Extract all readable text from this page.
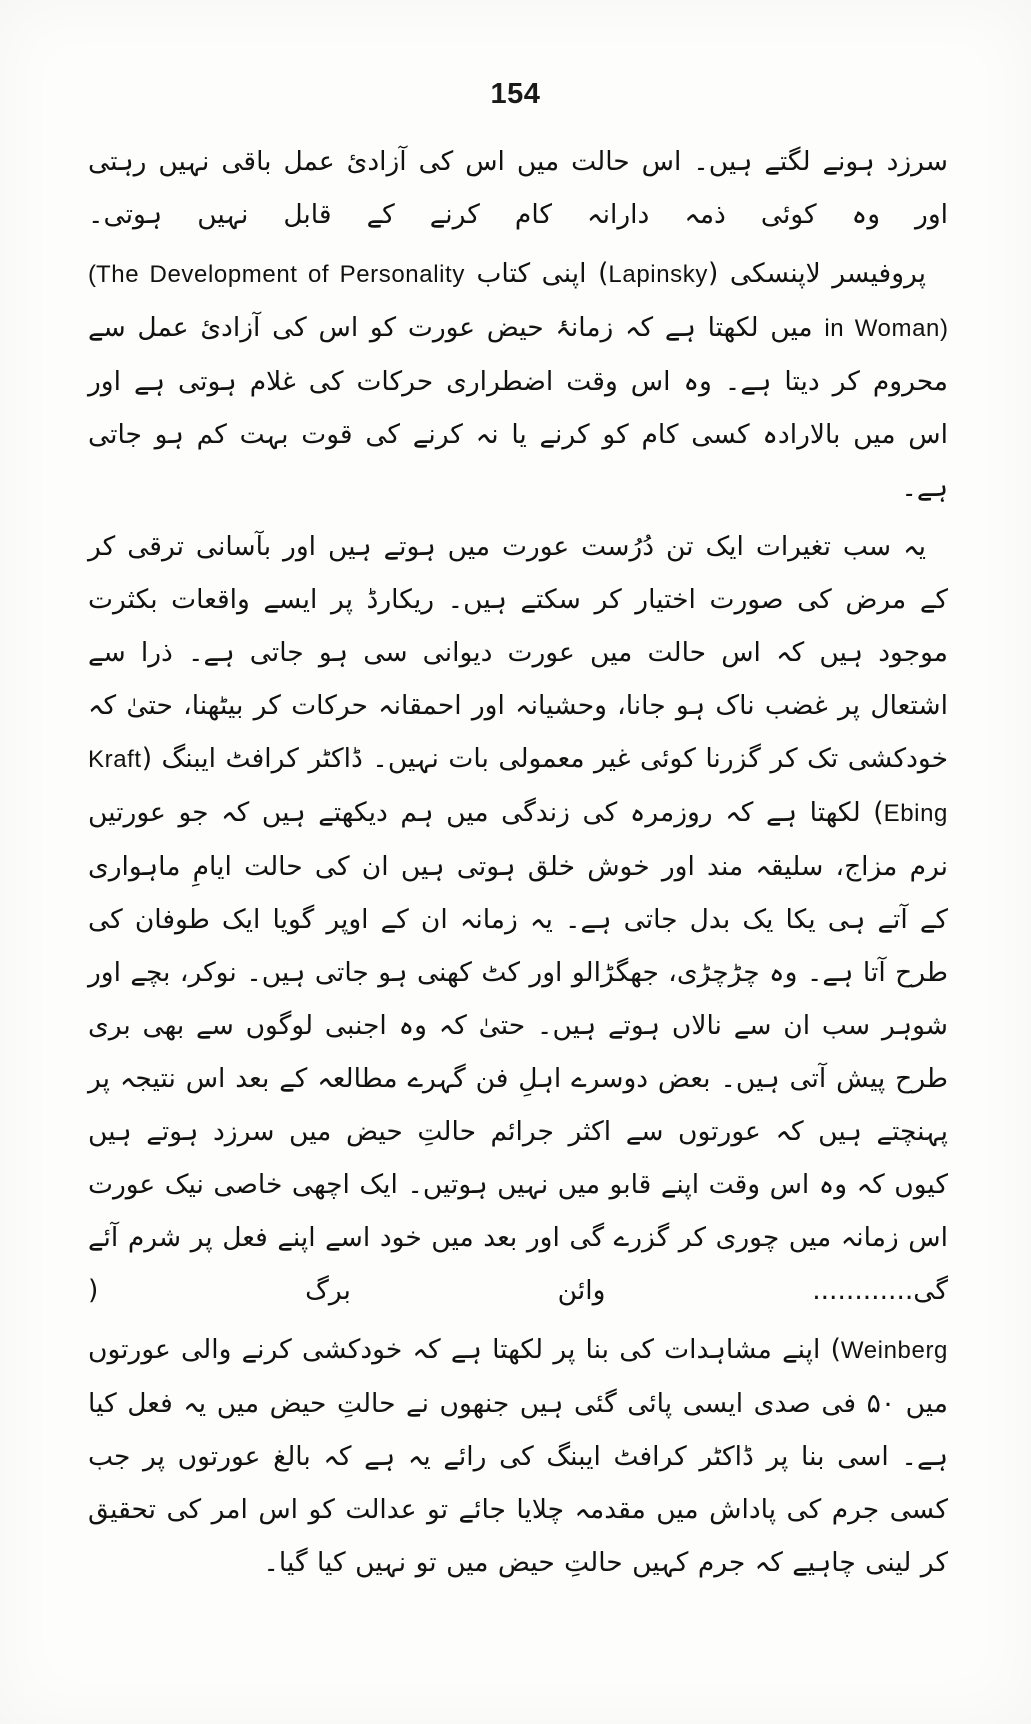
154

سرزد ہونے لگتے ہیں۔ اس حالت میں اس کی آزادیٔ عمل باقی نہیں رہتی اور وہ کوئی ذمہ دارانہ کام کرنے کے قابل نہیں ہوتی۔

پروفیسر لاپنسکی (Lapinsky) اپنی کتاب (The Development of Personality in Woman) میں لکھتا ہے کہ زمانۂ حیض عورت کو اس کی آزادیٔ عمل سے محروم کر دیتا ہے۔ وہ اس وقت اضطراری حرکات کی غلام ہوتی ہے اور اس میں بالارادہ کسی کام کو کرنے یا نہ کرنے کی قوت بہت کم ہو جاتی ہے۔

یہ سب تغیرات ایک تن دُرُست عورت میں ہوتے ہیں اور بآسانی ترقی کر کے مرض کی صورت اختیار کر سکتے ہیں۔ ریکارڈ پر ایسے واقعات بکثرت موجود ہیں کہ اس حالت میں عورت دیوانی سی ہو جاتی ہے۔ ذرا سے اشتعال پر غضب ناک ہو جانا، وحشیانہ اور احمقانہ حرکات کر بیٹھنا، حتیٰ کہ خودکشی تک کر گزرنا کوئی غیر معمولی بات نہیں۔ ڈاکٹر کرافٹ ایبنگ (Kraft Ebing) لکھتا ہے کہ روزمرہ کی زندگی میں ہم دیکھتے ہیں کہ جو عورتیں نرم مزاج، سلیقہ مند اور خوش خلق ہوتی ہیں ان کی حالت ایامِ ماہواری کے آتے ہی یکا یک بدل جاتی ہے۔ یہ زمانہ ان کے اوپر گویا ایک طوفان کی طرح آتا ہے۔ وہ چڑچڑی، جھگڑالو اور کٹ کھنی ہو جاتی ہیں۔ نوکر، بچے اور شوہر سب ان سے نالاں ہوتے ہیں۔ حتیٰ کہ وہ اجنبی لوگوں سے بھی بری طرح پیش آتی ہیں۔ بعض دوسرے اہلِ فن گہرے مطالعہ کے بعد اس نتیجہ پر پہنچتے ہیں کہ عورتوں سے اکثر جرائم حالتِ حیض میں سرزد ہوتے ہیں کیوں کہ وہ اس وقت اپنے قابو میں نہیں ہوتیں۔ ایک اچھی خاصی نیک عورت اس زمانہ میں چوری کر گزرے گی اور بعد میں خود اسے اپنے فعل پر شرم آئے گی............ وائن برگ (

Weinberg) اپنے مشاہدات کی بنا پر لکھتا ہے کہ خودکشی کرنے والی عورتوں میں ۵۰ فی صدی ایسی پائی گئی ہیں جنھوں نے حالتِ حیض میں یہ فعل کیا ہے۔ اسی بنا پر ڈاکٹر کرافٹ ایبنگ کی رائے یہ ہے کہ بالغ عورتوں پر جب کسی جرم کی پاداش میں مقدمہ چلایا جائے تو عدالت کو اس امر کی تحقیق کر لینی چاہیے کہ جرم کہیں حالتِ حیض میں تو نہیں کیا گیا۔
